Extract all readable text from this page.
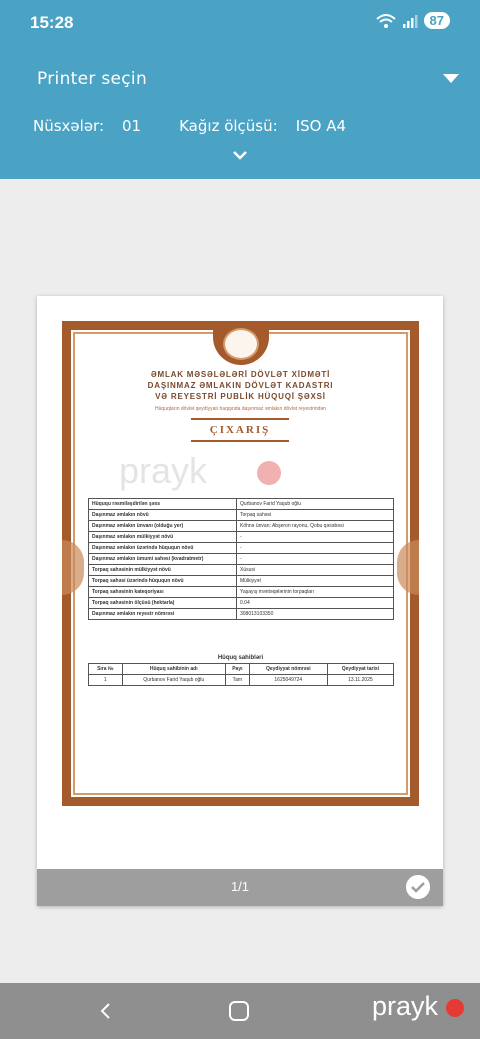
15:28	87
Printer seçin
Nüsxələr: 01	Kağız ölçüsü: ISO A4
ƏMLAK MƏSƏLƏLƏRİ DÖVLƏT XİDMƏTİ
DAŞINMAZ ƏMLAKIN DÖVLƏT KADASTRI
VƏ REYESTRİ PUBLİK HÜQUQİ ŞƏXSİ
Hüquqların dövlət qeydiyyatı haqqında daşınmaz əmlakın dövlət reyestrindən
ÇIXARIŞ
prayk
Hüququ rəsmiləşdirilən şəxs	Qurbanov Farid Yaqub oğlu
Daşınmaz əmlakın növü	Torpaq sahəsi
Daşınmaz əmlakın ünvanı (olduğu yer)	Köhnə ünvan: Abşeron rayonu, Qobu qəsəbəsi
Daşınmaz əmlakın mülkiyyət növü	-
Daşınmaz əmlakın üzərində hüququn növü	-
Daşınmaz əmlakın ümumi sahəsi (kvadratmetr)	-
Torpaq sahəsinin mülkiyyət növü	Xüsusi
Torpaq sahəsi üzərində hüququn növü	Mülkiyyət
Torpaq sahəsinin kateqoriyası	Yaşayış məntəqələrinin torpaqları
Torpaq sahəsinin ölçüsü (hektarla)	0.04
Daşınmaz əmlakın reyestr nömrəsi	308013103350
Hüquq sahibləri
Sıra №	Hüquq sahibinin adı	Payı	Qeydiyyat nömrəsi	Qeydiyyat tarixi
1	Qurbanov Farid Yaqub oğlu	Tam	1625049724	13.11.2025
1/1
prayk
